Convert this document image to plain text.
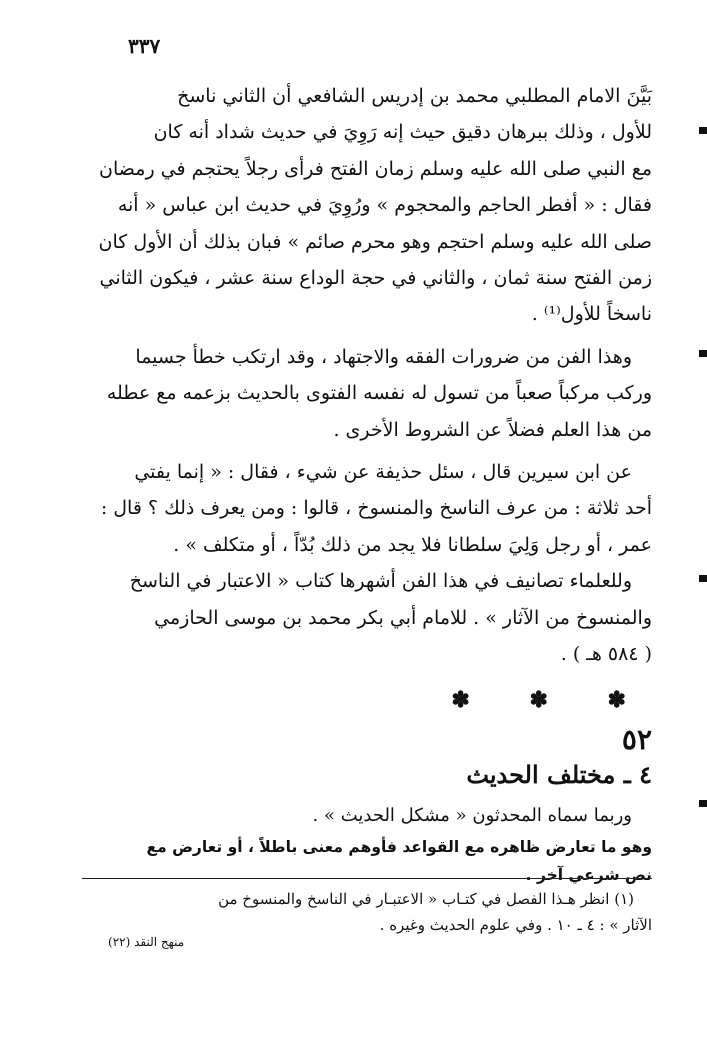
٣٣٧

بَيَّنَ الامام المطلبي محمد بن إدريس الشافعي أن الثاني ناسخ

للأول ، وذلك ببرهان دقيق حيث إنه رَوِيَ في حديث شداد أنه كان

مع النبي صلى الله عليه وسلم زمان الفتح فرأى رجلاً يحتجم في رمضان

فقال : « أفطر الحاجم والمحجوم » ورُوِيَ في حديث ابن عباس « أنه

صلى الله عليه وسلم احتجم وهو محرم صائم » فبان بذلك أن الأول كان

زمن الفتح سنة ثمان ، والثاني في حجة الوداع سنة عشر ، فيكون الثاني

ناسخاً للأول⁽¹⁾ .

وهذا الفن من ضرورات الفقه والاجتهاد ، وقد ارتكب خطأ جسيما

وركب مركباً صعباً من تسول له نفسه الفتوى بالحديث بزعمه مع عطله

من هذا العلم فضلاً عن الشروط الأخرى .

عن ابن سيرين قال ، سئل حذيفة عن شيء ، فقال : « إنما يفتي

أحد ثلاثة : من عرف الناسخ والمنسوخ ، قالوا : ومن يعرف ذلك ؟ قال :

عمر ، أو رجل وَلِيَ سلطانا فلا يجد من ذلك بُدّاً ، أو متكلف » .

وللعلماء تصانيف في هذا الفن أشهرها كتاب « الاعتبار في الناسخ

والمنسوخ من الآثار » . للامام أبي بكر محمد بن موسى الحازمي

( ٥٨٤ هـ ) .

✽ ✽ ✽
٥٢
٤ ـ مختلف الحديث

وربما سماه المحدثون « مشكل الحديث » .

وهو ما تعارض ظاهره مع القواعد فأوهم معنى باطلاً ، أو تعارض مع

نص شرعي آخر .

(١) انظر هـذا الفصل في كتـاب « الاعتبـار في الناسخ والمنسوخ من

الآثار » : ٤ ـ ١٠ . وفي علوم الحديث وغيره .

منهج النقد (٢٢)
